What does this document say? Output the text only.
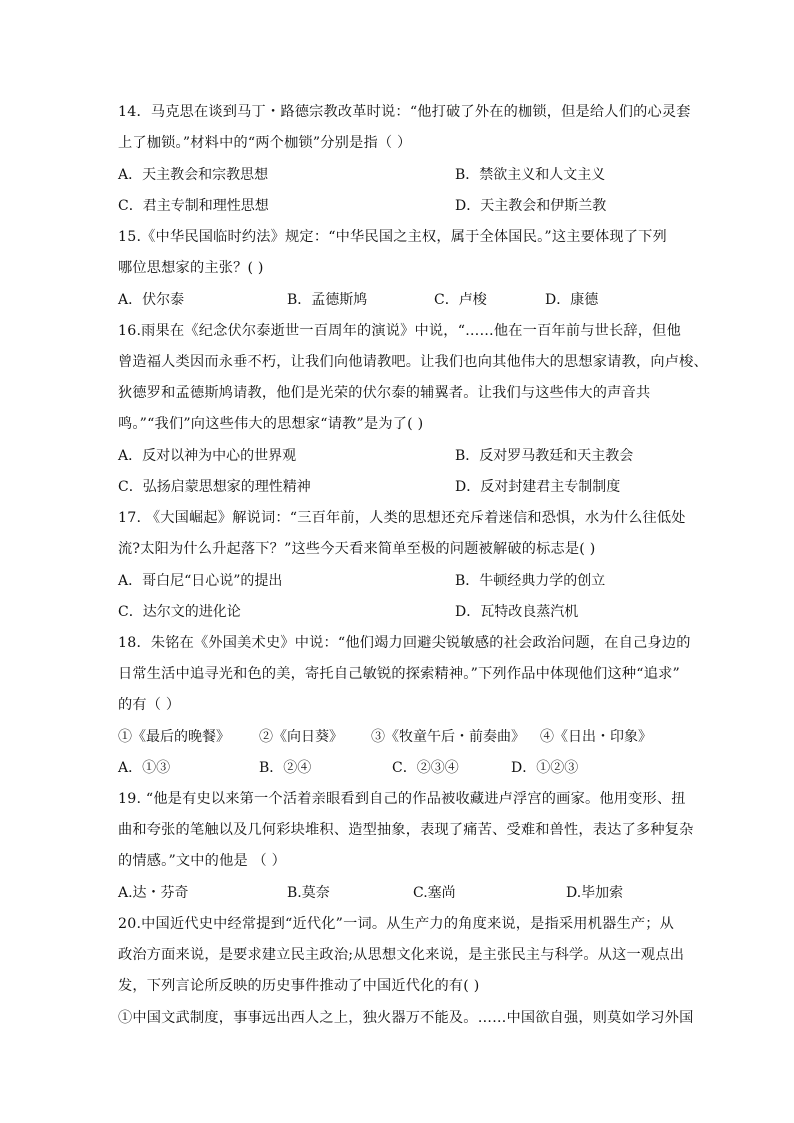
14．马克思在谈到马丁・路德宗教改革时说：“他打破了外在的枷锁，但是给人们的心灵套
上了枷锁。”材料中的“两个枷锁”分别是指（ ）
A．天主教会和宗教思想	B．禁欲主义和人文主义
C．君主专制和理性思想	D．天主教会和伊斯兰教
15.《中华民国临时约法》规定：“中华民国之主权，属于全体国民。”这主要体现了下列
哪位思想家的主张？( )
A．伏尔泰	B．孟德斯鸠	C．卢梭	D．康德
16.雨果在《纪念伏尔泰逝世一百周年的演说》中说，“……他在一百年前与世长辞，但他
曾造福人类因而永垂不朽，让我们向他请教吧。让我们也向其他伟大的思想家请教，向卢梭、
狄德罗和孟德斯鸠请教，他们是光荣的伏尔泰的辅翼者。让我们与这些伟大的声音共
鸣。”“我们”向这些伟大的思想家“请教”是为了( )
A．反对以神为中心的世界观	B．反对罗马教廷和天主教会
C．弘扬启蒙思想家的理性精神	D．反对封建君主专制制度
17. 《大国崛起》解说词：“三百年前，人类的思想还充斥着迷信和恐惧，水为什么往低处
流?太阳为什么升起落下？”这些今天看来简单至极的问题被解破的标志是( )
A．哥白尼“日心说”的提出	B．牛顿经典力学的创立
C．达尔文的进化论	D．瓦特改良蒸汽机
18．朱铭在《外国美术史》中说：“他们竭力回避尖锐敏感的社会政治问题，在自己身边的
日常生活中追寻光和色的美，寄托自己敏锐的探索精神。”下列作品中体现他们这种“追求”
的有（ ）
①《最后的晚餐》 ②《向日葵》 ③《牧童午后・前奏曲》 ④《日出・印象》
A．①③	B．②④	C．②③④	D．①②③
19. “他是有史以来第一个活着亲眼看到自己的作品被收藏进卢浮宫的画家。他用变形、扭
曲和夸张的笔触以及几何彩块堆积、造型抽象，表现了痛苦、受难和兽性，表达了多种复杂
的情感。”文中的他是 （ ）
A.达・芬奇	B.莫奈	C.塞尚	D.毕加索
20.中国近代史中经常提到“近代化”一词。从生产力的角度来说，是指采用机器生产；从
政治方面来说，是要求建立民主政治;从思想文化来说，是主张民主与科学。从这一观点出
发，下列言论所反映的历史事件推动了中国近代化的有( )
①中国文武制度，事事远出西人之上，独火器万不能及。……中国欲自强，则莫如学习外国
